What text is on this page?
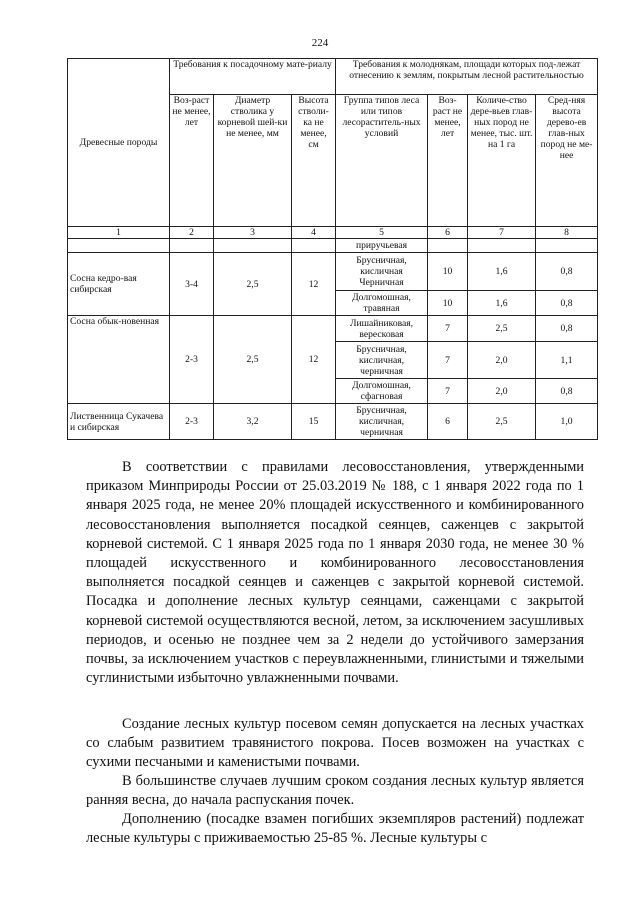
224
Древесные породы	Требования к посадочному мате-риалу			Требования к молоднякам, площади которых под-лежат отнесению к землям, покрытым лесной растительностью			
	Воз-раст не менее, лет	Диаметр стволика у корневой шей-ки не менее, мм	Высота стволи-ка не менее, см	Группа типов леса или типов лесораститель-ных условий	Воз-раст не менее, лет	Количе-ство дере-вьев глав-ных пород не менее, тыс. шт. на 1 га	Сред-няя высота дерево-ев глав-ных пород не ме-нее
1	2	3	4	5	6	7	8
				приручьевая			
Сосна кедро-вая сибирская	3-4	2,5	12	Брусничная, кисличная Черничная	10	1,6	0,8
				Долгомошная, травяная	10	1,6	0,8
Сосна обык-новенная	2-3	2,5	12	Лишайниковая, вересковая	7	2,5	0,8
				Брусничная, кисличная, черничная	7	2,0	1,1
				Долгомошная, сфагновая	7	2,0	0,8
Лиственница Сукачева и сибирская	2-3	3,2	15	Брусничная, кисличная, черничная	6	2,5	1,0

В соответствии с правилами лесовосстановления, утвержденными приказом Минприроды России от 25.03.2019 № 188, с 1 января 2022 года по 1 января 2025 года, не менее 20% площадей искусственного и комбинированного лесовосстановления выполняется посадкой сеянцев, саженцев с закрытой корневой системой. С 1 января 2025 года по 1 января 2030 года, не менее 30 % площадей искусственного и комбинированного лесовосстановления выполняется посадкой сеянцев и саженцев с закрытой корневой системой. Посадка и дополнение лесных культур сеянцами, саженцами с закрытой корневой системой осуществляются весной, летом, за исключением засушливых периодов, и осенью не позднее чем за 2 недели до устойчивого замерзания почвы, за исключением участков с переувлажненными, глинистыми и тяжелыми суглинистыми избыточно увлажненными почвами.

Создание лесных культур посевом семян допускается на лесных участках со слабым развитием травянистого покрова. Посев возможен на участках с сухими песчаными и каменистыми почвами.

В большинстве случаев лучшим сроком создания лесных культур является ранняя весна, до начала распускания почек.

Дополнению (посадке взамен погибших экземпляров растений) подлежат лесные культуры с приживаемостью 25-85 %. Лесные культуры с
